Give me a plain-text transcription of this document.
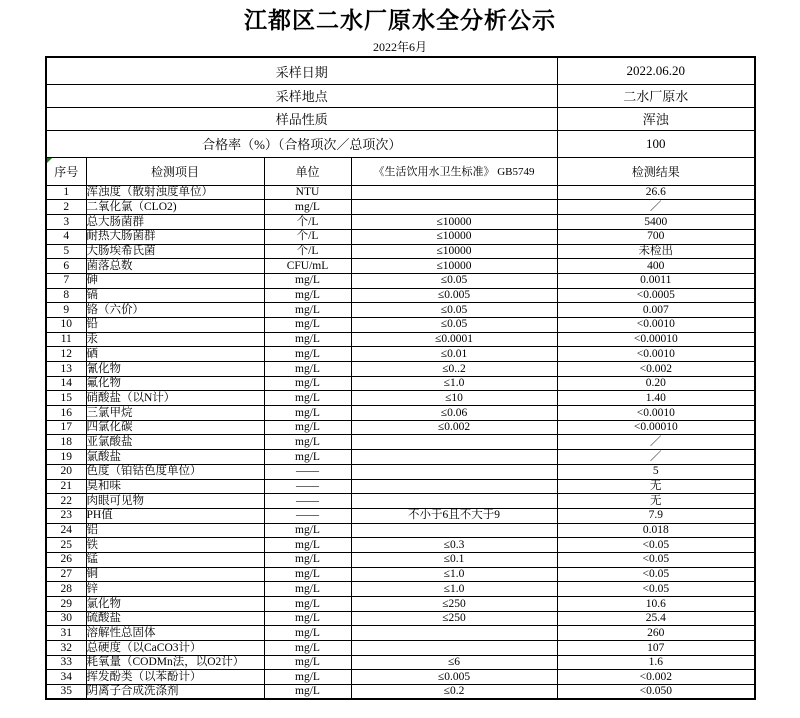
江都区二水厂原水全分析公示
2022年6月
采样日期				2022.06.20
采样地点				二水厂原水
样品性质				浑浊
合格率（%）（合格项次／总项次）				100

序号	检测项目	单位	《生活饮用水卫生标准》 GB5749	检测结果
1	浑浊度（散射浊度单位）	NTU		26.6
2	二氧化氯（CLO2)	mg/L		／
3	总大肠菌群	个/L	≤10000	5400
4	耐热大肠菌群	个/L	≤10000	700
5	大肠埃希氏菌	个/L	≤10000	未检出
6	菌落总数	CFU/mL	≤10000	400
7	砷	mg/L	≤0.05	0.0011
8	镉	mg/L	≤0.005	<0.0005
9	铬（六价）	mg/L	≤0.05	0.007
10	铅	mg/L	≤0.05	<0.0010
11	汞	mg/L	≤0.0001	<0.00010
12	硒	mg/L	≤0.01	<0.0010
13	氰化物	mg/L	≤0..2	<0.002
14	氟化物	mg/L	≤1.0	0.20
15	硝酸盐（以N计）	mg/L	≤10	1.40
16	三氯甲烷	mg/L	≤0.06	<0.0010
17	四氯化碳	mg/L	≤0.002	<0.00010
18	亚氯酸盐	mg/L		／
19	氯酸盐	mg/L		／
20	色度（铂钴色度单位）	——		5
21	臭和味	——		无
22	肉眼可见物	——		无
23	PH值	——	不小于6且不大于9	7.9
24	铝	mg/L		0.018
25	铁	mg/L	≤0.3	<0.05
26	锰	mg/L	≤0.1	<0.05
27	铜	mg/L	≤1.0	<0.05
28	锌	mg/L	≤1.0	<0.05
29	氯化物	mg/L	≤250	10.6
30	硫酸盐	mg/L	≤250	25.4
31	溶解性总固体	mg/L		260
32	总硬度（以CaCO3计）	mg/L		107
33	耗氧量（CODMn法，以O2计）	mg/L	≤6	1.6
34	挥发酚类（以苯酚计）	mg/L	≤0.005	<0.002
35	阴离子合成洗涤剂	mg/L	≤0.2	<0.050
